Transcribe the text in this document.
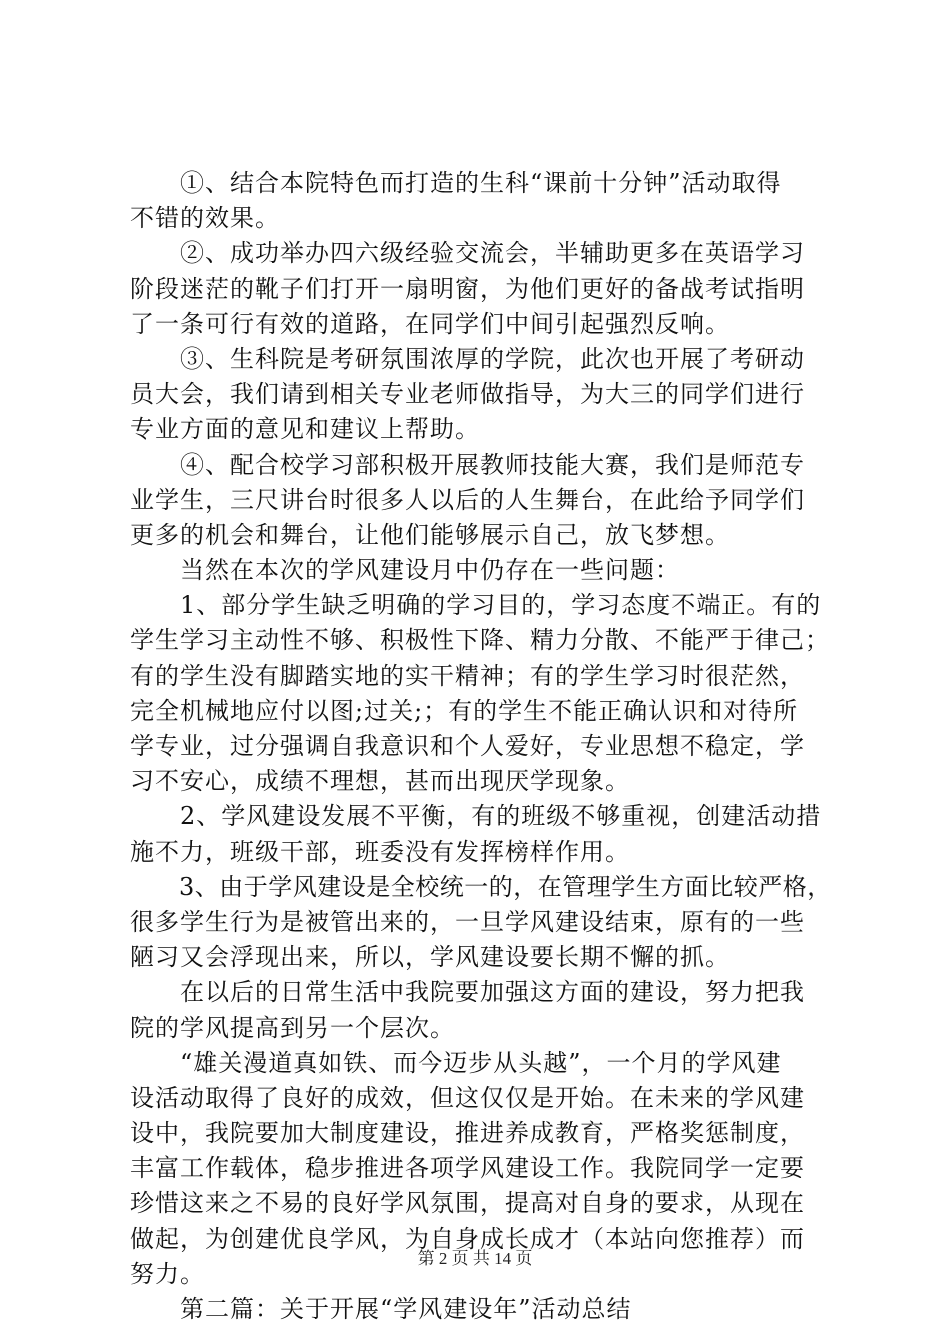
　　①、结合本院特色而打造的生科“课前十分钟”活动取得
不错的效果。
　　②、成功举办四六级经验交流会，半辅助更多在英语学习
阶段迷茫的靴子们打开一扇明窗，为他们更好的备战考试指明
了一条可行有效的道路，在同学们中间引起强烈反响。
　　③、生科院是考研氛围浓厚的学院，此次也开展了考研动
员大会，我们请到相关专业老师做指导，为大三的同学们进行
专业方面的意见和建议上帮助。
　　④、配合校学习部积极开展教师技能大赛，我们是师范专
业学生，三尺讲台时很多人以后的人生舞台，在此给予同学们
更多的机会和舞台，让他们能够展示自己，放飞梦想。
　　当然在本次的学风建设月中仍存在一些问题：
　　1、部分学生缺乏明确的学习目的，学习态度不端正。有的
学生学习主动性不够、积极性下降、精力分散、不能严于律己；
有的学生没有脚踏实地的实干精神；有的学生学习时很茫然，
完全机械地应付以图;过关;；有的学生不能正确认识和对待所
学专业，过分强调自我意识和个人爱好，专业思想不稳定，学
习不安心，成绩不理想，甚而出现厌学现象。
　　2、学风建设发展不平衡，有的班级不够重视，创建活动措
施不力，班级干部，班委没有发挥榜样作用。
　　3、由于学风建设是全校统一的，在管理学生方面比较严格，
很多学生行为是被管出来的，一旦学风建设结束，原有的一些
陋习又会浮现出来，所以，学风建设要长期不懈的抓。
　　在以后的日常生活中我院要加强这方面的建设，努力把我
院的学风提高到另一个层次。
　　“雄关漫道真如铁、而今迈步从头越”，一个月的学风建
设活动取得了良好的成效，但这仅仅是开始。在未来的学风建
设中，我院要加大制度建设，推进养成教育，严格奖惩制度，
丰富工作载体，稳步推进各项学风建设工作。我院同学一定要
珍惜这来之不易的良好学风氛围，提高对自身的要求，从现在
做起，为创建优良学风，为自身成长成才（本站向您推荐）而
努力。
　　第二篇：关于开展“学风建设年”活动总结
第 2 页 共 14 页
